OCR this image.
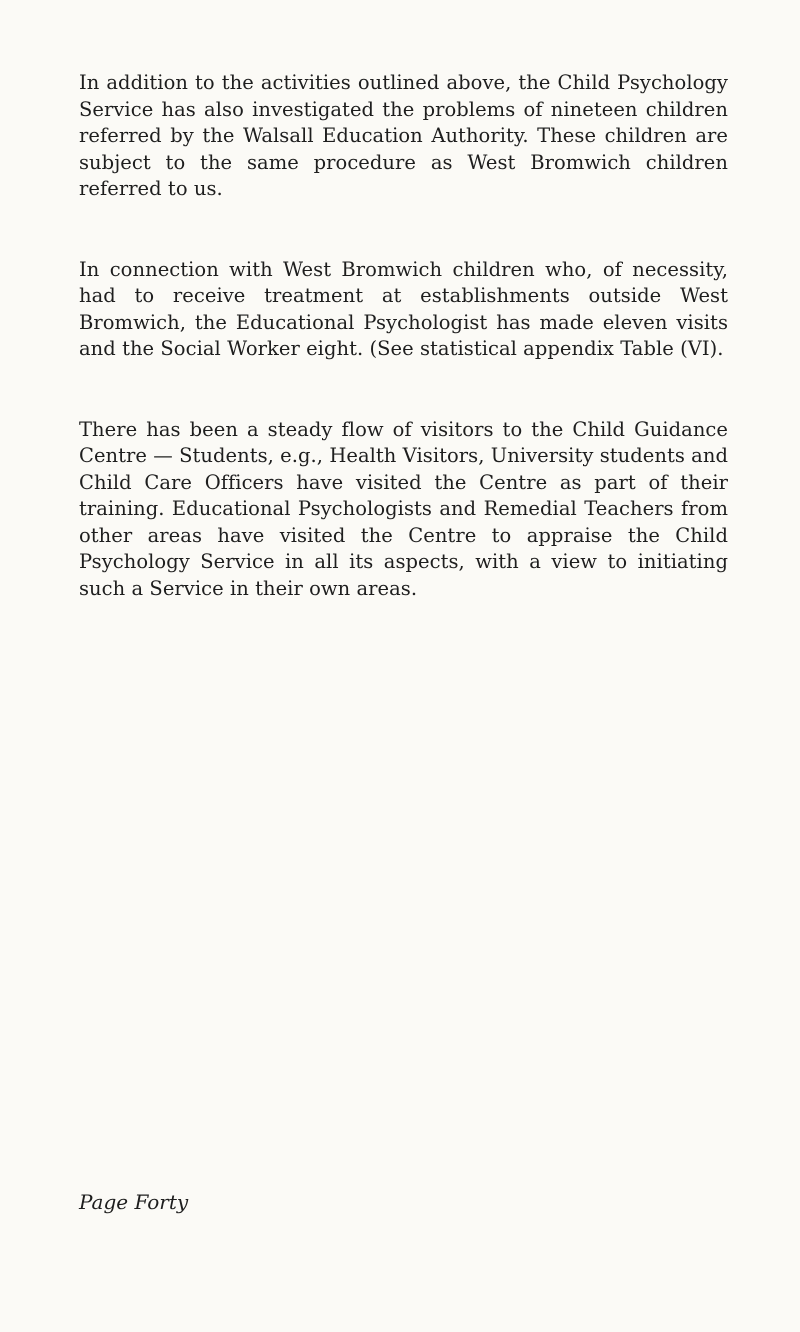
In addition to the activities outlined above, the Child Psychology Service has also investigated the problems of nineteen children referred by the Walsall Education Authority. These children are subject to the same procedure as West Bromwich children referred to us.

In connection with West Bromwich children who, of necessity, had to receive treatment at establishments outside West Bromwich, the Educational Psychologist has made eleven visits and the Social Worker eight. (See statistical appendix Table (VI).

There has been a steady flow of visitors to the Child Guidance Centre — Students, e.g., Health Visitors, University students and Child Care Officers have visited the Centre as part of their training. Educational Psychologists and Remedial Teachers from other areas have visited the Centre to appraise the Child Psychology Service in all its aspects, with a view to initiating such a Service in their own areas.

Page Forty
